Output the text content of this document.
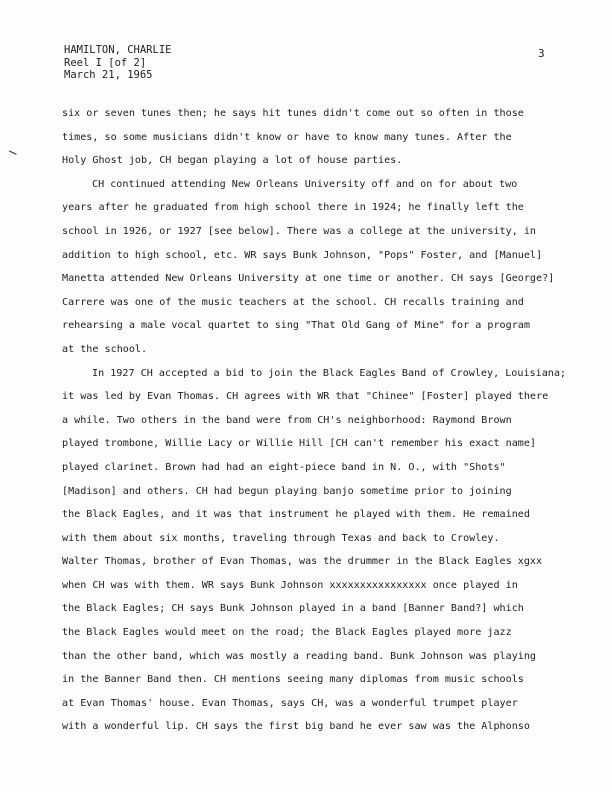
HAMILTON, CHARLIE
Reel I [of 2]
March 21, 1965
3
six or seven tunes then; he says hit tunes didn't come out so often in those
times, so some musicians didn't know or have to know many tunes. After the
Holy Ghost job, CH began playing a lot of house parties.
CH continued attending New Orleans University off and on for about two
years after he graduated from high school there in 1924; he finally left the
school in 1926, or 1927 [see below]. There was a college at the university, in
addition to high school, etc. WR says Bunk Johnson, "Pops" Foster, and [Manuel]
Manetta attended New Orleans University at one time or another. CH says [George?]
Carrere was one of the music teachers at the school. CH recalls training and
rehearsing a male vocal quartet to sing "That Old Gang of Mine" for a program
at the school.
In 1927 CH accepted a bid to join the Black Eagles Band of Crowley, Louisiana;
it was led by Evan Thomas. CH agrees with WR that "Chinee" [Foster] played there
a while. Two others in the band were from CH's neighborhood: Raymond Brown
played trombone, Willie Lacy or Willie Hill [CH can't remember his exact name]
played clarinet. Brown had had an eight-piece band in N. O., with "Shots"
[Madison] and others. CH had begun playing banjo sometime prior to joining
the Black Eagles, and it was that instrument he played with them. He remained
with them about six months, traveling through Texas and back to Crowley.
Walter Thomas, brother of Evan Thomas, was the drummer in the Black Eagles xgxx
when CH was with them. WR says Bunk Johnson xxxxxxxxxxxxxxxx once played in
the Black Eagles; CH says Bunk Johnson played in a band [Banner Band?] which
the Black Eagles would meet on the road; the Black Eagles played more jazz
than the other band, which was mostly a reading band. Bunk Johnson was playing
in the Banner Band then. CH mentions seeing many diplomas from music schools
at Evan Thomas' house. Evan Thomas, says CH, was a wonderful trumpet player
with a wonderful lip. CH says the first big band he ever saw was the Alphonso
